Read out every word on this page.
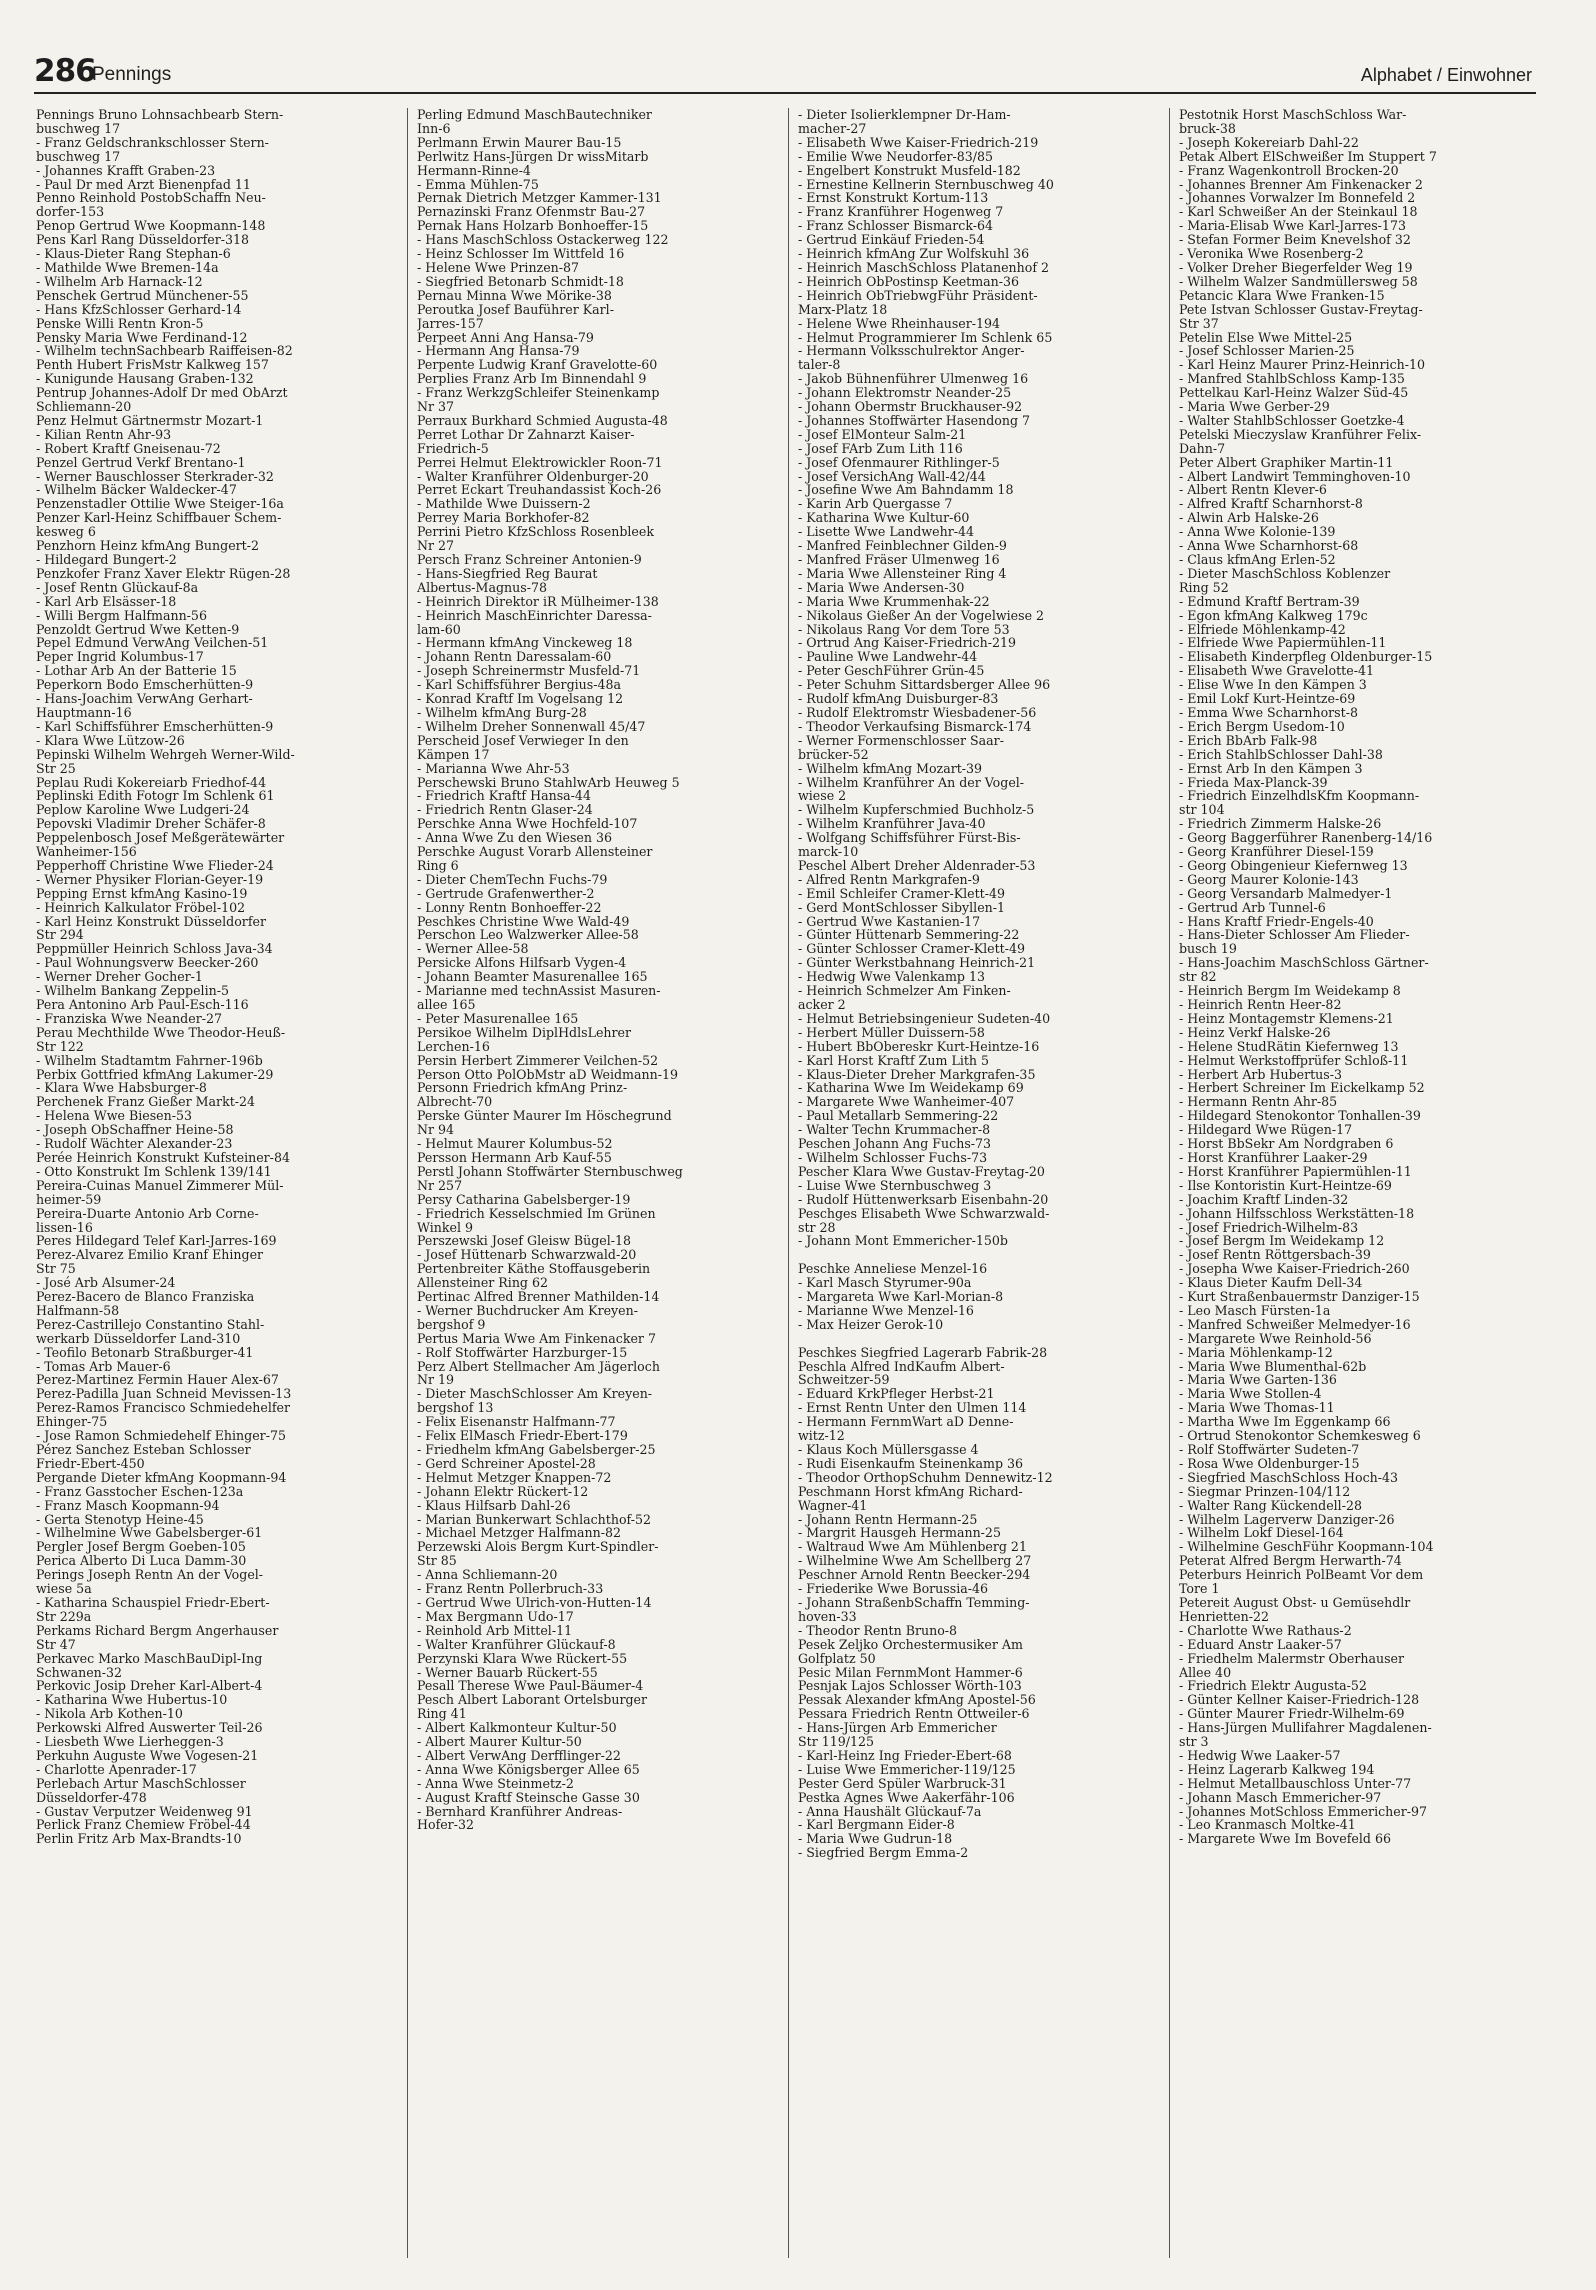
286
Pennings	Alphabet / Einwohner
Pennings Bruno Lohnsachbearb Stern-
buschweg 17
- Franz Geldschrankschlosser Stern-
buschweg 17
- Johannes Krafft Graben-23
- Paul Dr med Arzt Bienenpfad 11
Penno Reinhold PostobSchaffn Neu-
dorfer-153
Penop Gertrud Wwe Koopmann-148
Pens Karl Rang Düsseldorfer-318
- Klaus-Dieter Rang Stephan-6
- Mathilde Wwe Bremen-14a
- Wilhelm Arb Harnack-12
Penschek Gertrud Münchener-55
- Hans KfzSchlosser Gerhard-14
Penske Willi Rentn Kron-5
Pensky Maria Wwe Ferdinand-12
- Wilhelm technSachbearb Raiffeisen-82
Penth Hubert FrisMstr Kalkweg 157
- Kunigunde Hausang Graben-132
Pentrup Johannes-Adolf Dr med ObArzt
Schliemann-20
Penz Helmut Gärtnermstr Mozart-1
- Kilian Rentn Ahr-93
- Robert Kraftf Gneisenau-72
Penzel Gertrud Verkf Brentano-1
- Werner Bauschlosser Sterkrader-32
- Wilhelm Bäcker Waldecker-47
Penzenstadler Ottilie Wwe Steiger-16a
Penzer Karl-Heinz Schiffbauer Schem-
kesweg 6
Penzhorn Heinz kfmAng Bungert-2
- Hildegard Bungert-2
Penzkofer Franz Xaver Elektr Rügen-28
- Josef Rentn Glückauf-8a
- Karl Arb Elsässer-18
- Willi Bergm Halfmann-56
Penzoldt Gertrud Wwe Ketten-9
Pepel Edmund VerwAng Veilchen-51
Peper Ingrid Kolumbus-17
- Lothar Arb An der Batterie 15
Peperkorn Bodo Emscherhütten-9
- Hans-Joachim VerwAng Gerhart-
Hauptmann-16
- Karl Schiffsführer Emscherhütten-9
- Klara Wwe Lützow-26
Pepinski Wilhelm Wehrgeh Werner-Wild-
Str 25
Peplau Rudi Kokereiarb Friedhof-44
Peplinski Edith Fotogr Im Schlenk 61
Peplow Karoline Wwe Ludgeri-24
Pepovski Vladimir Dreher Schäfer-8
Peppelenbosch Josef Meßgerätewärter
Wanheimer-156
Pepperhoff Christine Wwe Flieder-24
- Werner Physiker Florian-Geyer-19
Pepping Ernst kfmAng Kasino-19
- Heinrich Kalkulator Fröbel-102
- Karl Heinz Konstrukt Düsseldorfer
Str 294
Peppmüller Heinrich Schloss Java-34
- Paul Wohnungsverw Beecker-260
- Werner Dreher Gocher-1
- Wilhelm Bankang Zeppelin-5
Pera Antonino Arb Paul-Esch-116
- Franziska Wwe Neander-27
Perau Mechthilde Wwe Theodor-Heuß-
Str 122
- Wilhelm Stadtamtm Fahrner-196b
Perbix Gottfried kfmAng Lakumer-29
- Klara Wwe Habsburger-8
Perchenek Franz Gießer Markt-24
- Helena Wwe Biesen-53
- Joseph ObSchaffner Heine-58
- Rudolf Wächter Alexander-23
Perée Heinrich Konstrukt Kufsteiner-84
- Otto Konstrukt Im Schlenk 139/141
Pereira-Cuinas Manuel Zimmerer Mül-
heimer-59
Pereira-Duarte Antonio Arb Corne-
lissen-16
Peres Hildegard Telef Karl-Jarres-169
Perez-Alvarez Emilio Kranf Ehinger
Str 75
- José Arb Alsumer-24
Perez-Bacero de Blanco Franziska
Halfmann-58
Perez-Castrillejo Constantino Stahl-
werkarb Düsseldorfer Land-310
- Teofilo Betonarb Straßburger-41
- Tomas Arb Mauer-6
Perez-Martinez Fermin Hauer Alex-67
Perez-Padilla Juan Schneid Mevissen-13
Perez-Ramos Francisco Schmiedehelfer
Ehinger-75
- Jose Ramon Schmiedehelf Ehinger-75
Pérez Sanchez Esteban Schlosser
Friedr-Ebert-450
Pergande Dieter kfmAng Koopmann-94
- Franz Gasstocher Eschen-123a
- Franz Masch Koopmann-94
- Gerta Stenotyp Heine-45
- Wilhelmine Wwe Gabelsberger-61
Pergler Josef Bergm Goeben-105
Perica Alberto Di Luca Damm-30
Perings Joseph Rentn An der Vogel-
wiese 5a
- Katharina Schauspiel Friedr-Ebert-
Str 229a
Perkams Richard Bergm Angerhauser
Str 47
Perkavec Marko MaschBauDipl-Ing
Schwanen-32
Perkovic Josip Dreher Karl-Albert-4
- Katharina Wwe Hubertus-10
- Nikola Arb Kothen-10
Perkowski Alfred Auswerter Teil-26
- Liesbeth Wwe Lierheggen-3
Perkuhn Auguste Wwe Vogesen-21
- Charlotte Apenrader-17
Perlebach Artur MaschSchlosser
Düsseldorfer-478
- Gustav Verputzer Weidenweg 91
Perlick Franz Chemiew Fröbel-44
Perlin Fritz Arb Max-Brandts-10
Perling Edmund MaschBautechniker
Inn-6
Perlmann Erwin Maurer Bau-15
Perlwitz Hans-Jürgen Dr wissMitarb
Hermann-Rinne-4
- Emma Mühlen-75
Pernak Dietrich Metzger Kammer-131
Pernazinski Franz Ofenmstr Bau-27
Pernak Hans Holzarb Bonhoeffer-15
- Hans MaschSchloss Ostackerweg 122
- Heinz Schlosser Im Wittfeld 16
- Helene Wwe Prinzen-87
- Siegfried Betonarb Schmidt-18
Pernau Minna Wwe Mörike-38
Peroutka Josef Bauführer Karl-
Jarres-157
Perpeet Anni Ang Hansa-79
- Hermann Ang Hansa-79
Perpente Ludwig Kranf Gravelotte-60
Perplies Franz Arb Im Binnendahl 9
- Franz WerkzgSchleifer Steinenkamp
Nr 37
Perraux Burkhard Schmied Augusta-48
Perret Lothar Dr Zahnarzt Kaiser-
Friedrich-5
Perrei Helmut Elektrowickler Roon-71
- Walter Kranführer Oldenburger-20
Perret Eckart Treuhandassist Koch-26
- Mathilde Wwe Duissern-2
Perrey Maria Borkhofer-82
Perrini Pietro KfzSchloss Rosenbleek
Nr 27
Persch Franz Schreiner Antonien-9
- Hans-Siegfried Reg Baurat
Albertus-Magnus-78
- Heinrich Direktor iR Mülheimer-138
- Heinrich MaschEinrichter Daressa-
lam-60
- Hermann kfmAng Vinckeweg 18
- Johann Rentn Daressalam-60
- Joseph Schreinermstr Musfeld-71
- Karl Schiffsführer Bergius-48a
- Konrad Kraftf Im Vogelsang 12
- Wilhelm kfmAng Burg-28
- Wilhelm Dreher Sonnenwall 45/47
Perscheid Josef Verwieger In den
Kämpen 17
- Marianna Wwe Ahr-53
Perschewski Bruno StahlwArb Heuweg 5
- Friedrich Kraftf Hansa-44
- Friedrich Rentn Glaser-24
Perschke Anna Wwe Hochfeld-107
- Anna Wwe Zu den Wiesen 36
Perschke August Vorarb Allensteiner
Ring 6
- Dieter ChemTechn Fuchs-79
- Gertrude Grafenwerther-2
- Lonny Rentn Bonhoeffer-22
Peschkes Christine Wwe Wald-49
Perschon Leo Walzwerker Allee-58
- Werner Allee-58
Persicke Alfons Hilfsarb Vygen-4
- Johann Beamter Masurenallee 165
- Marianne med technAssist Masuren-
allee 165
- Peter Masurenallee 165
Persikoe Wilhelm DiplHdlsLehrer
Lerchen-16
Persin Herbert Zimmerer Veilchen-52
Person Otto PolObMstr aD Weidmann-19
Personn Friedrich kfmAng Prinz-
Albrecht-70
Perske Günter Maurer Im Höschegrund
Nr 94
- Helmut Maurer Kolumbus-52
Persson Hermann Arb Kauf-55
Perstl Johann Stoffwärter Sternbuschweg
Nr 257
Persy Catharina Gabelsberger-19
- Friedrich Kesselschmied Im Grünen
Winkel 9
Perszewski Josef Gleisw Bügel-18
- Josef Hüttenarb Schwarzwald-20
Pertenbreiter Käthe Stoffausgeberin
Allensteiner Ring 62
Pertinac Alfred Brenner Mathilden-14
- Werner Buchdrucker Am Kreyen-
bergshof 9
Pertus Maria Wwe Am Finkenacker 7
- Rolf Stoffwärter Harzburger-15
Perz Albert Stellmacher Am Jägerloch
Nr 19
- Dieter MaschSchlosser Am Kreyen-
bergshof 13
- Felix Eisenanstr Halfmann-77
- Felix ElMasch Friedr-Ebert-179
- Friedhelm kfmAng Gabelsberger-25
- Gerd Schreiner Apostel-28
- Helmut Metzger Knappen-72
- Johann Elektr Rückert-12
- Klaus Hilfsarb Dahl-26
- Marian Bunkerwart Schlachthof-52
- Michael Metzger Halfmann-82
Perzewski Alois Bergm Kurt-Spindler-
Str 85
- Anna Schliemann-20
- Franz Rentn Pollerbruch-33
- Gertrud Wwe Ulrich-von-Hutten-14
- Max Bergmann Udo-17
- Reinhold Arb Mittel-11
- Walter Kranführer Glückauf-8
Perzynski Klara Wwe Rückert-55
- Werner Bauarb Rückert-55
Pesall Therese Wwe Paul-Bäumer-4
Pesch Albert Laborant Ortelsburger
Ring 41
- Albert Kalkmonteur Kultur-50
- Albert Maurer Kultur-50
- Albert VerwAng Derfflinger-22
- Anna Wwe Königsberger Allee 65
- Anna Wwe Steinmetz-2
- August Kraftf Steinsche Gasse 30
- Bernhard Kranführer Andreas-
Hofer-32
- Dieter Isolierklempner Dr-Ham-
macher-27
- Elisabeth Wwe Kaiser-Friedrich-219
- Emilie Wwe Neudorfer-83/85
- Engelbert Konstrukt Musfeld-182
- Ernestine Kellnerin Sternbuschweg 40
- Ernst Konstrukt Kortum-113
- Franz Kranführer Hogenweg 7
- Franz Schlosser Bismarck-64
- Gertrud Einkäuf Frieden-54
- Heinrich kfmAng Zur Wolfskuhl 36
- Heinrich MaschSchloss Platanenhof 2
- Heinrich ObPostinsp Keetman-36
- Heinrich ObTriebwgFühr Präsident-
Marx-Platz 18
- Helene Wwe Rheinhauser-194
- Helmut Programmierer Im Schlenk 65
- Hermann Volksschulrektor Anger-
taler-8
- Jakob Bühnenführer Ulmenweg 16
- Johann Elektromstr Neander-25
- Johann Obermstr Bruckhauser-92
- Johannes Stoffwärter Hasendong 7
- Josef ElMonteur Salm-21
- Josef FArb Zum Lith 116
- Josef Ofenmaurer Rithlinger-5
- Josef VersichAng Wall-42/44
- Josefine Wwe Am Bahndamm 18
- Karin Arb Quergasse 7
- Katharina Wwe Kultur-60
- Lisette Wwe Landwehr-44
- Manfred Feinblechner Gilden-9
- Manfred Fräser Ulmenweg 16
- Maria Wwe Allensteiner Ring 4
- Maria Wwe Andersen-30
- Maria Wwe Krummenhak-22
- Nikolaus Gießer An der Vogelwiese 2
- Nikolaus Rang Vor dem Tore 53
- Ortrud Ang Kaiser-Friedrich-219
- Pauline Wwe Landwehr-44
- Peter GeschFührer Grün-45
- Peter Schuhm Sittardsberger Allee 96
- Rudolf kfmAng Duisburger-83
- Rudolf Elektromstr Wiesbadener-56
- Theodor Verkaufsing Bismarck-174
- Werner Formenschlosser Saar-
brücker-52
- Wilhelm kfmAng Mozart-39
- Wilhelm Kranführer An der Vogel-
wiese 2
- Wilhelm Kupferschmied Buchholz-5
- Wilhelm Kranführer Java-40
- Wolfgang Schiffsführer Fürst-Bis-
marck-10
Peschel Albert Dreher Aldenrader-53
- Alfred Rentn Markgrafen-9
- Emil Schleifer Cramer-Klett-49
- Gerd MontSchlosser Sibyllen-1
- Gertrud Wwe Kastanien-17
- Günter Hüttenarb Semmering-22
- Günter Schlosser Cramer-Klett-49
- Günter Werkstbahnang Heinrich-21
- Hedwig Wwe Valenkamp 13
- Heinrich Schmelzer Am Finken-
acker 2
- Helmut Betriebsingenieur Sudeten-40
- Herbert Müller Duissern-58
- Hubert BbObereskr Kurt-Heintze-16
- Karl Horst Kraftf Zum Lith 5
- Klaus-Dieter Dreher Markgrafen-35
- Katharina Wwe Im Weidekamp 69
- Margarete Wwe Wanheimer-407
- Paul Metallarb Semmering-22
- Walter Techn Krummacher-8
Peschen Johann Ang Fuchs-73
- Wilhelm Schlosser Fuchs-73
Pescher Klara Wwe Gustav-Freytag-20
- Luise Wwe Sternbuschweg 3
- Rudolf Hüttenwerksarb Eisenbahn-20
Peschges Elisabeth Wwe Schwarzwald-
str 28
- Johann Mont Emmericher-150b

Peschke Anneliese Menzel-16
- Karl Masch Styrumer-90a
- Margareta Wwe Karl-Morian-8
- Marianne Wwe Menzel-16
- Max Heizer Gerok-10

Peschkes Siegfried Lagerarb Fabrik-28
Peschla Alfred IndKaufm Albert-
Schweitzer-59
- Eduard KrkPfleger Herbst-21
- Ernst Rentn Unter den Ulmen 114
- Hermann FernmWart aD Denne-
witz-12
- Klaus Koch Müllersgasse 4
- Rudi Eisenkaufm Steinenkamp 36
- Theodor OrthopSchuhm Dennewitz-12
Peschmann Horst kfmAng Richard-
Wagner-41
- Johann Rentn Hermann-25
- Margrit Hausgeh Hermann-25
- Waltraud Wwe Am Mühlenberg 21
- Wilhelmine Wwe Am Schellberg 27
Peschner Arnold Rentn Beecker-294
- Friederike Wwe Borussia-46
- Johann StraßenbSchaffn Temming-
hoven-33
- Theodor Rentn Bruno-8
Pesek Zeljko Orchestermusiker Am
Golfplatz 50
Pesic Milan FernmMont Hammer-6
Pesnjak Lajos Schlosser Wörth-103
Pessak Alexander kfmAng Apostel-56
Pessara Friedrich Rentn Ottweiler-6
- Hans-Jürgen Arb Emmericher
Str 119/125
- Karl-Heinz Ing Frieder-Ebert-68
- Luise Wwe Emmericher-119/125
Pester Gerd Spüler Warbruck-31
Pestka Agnes Wwe Aakerfähr-106
- Anna Haushält Glückauf-7a
- Karl Bergmann Eider-8
- Maria Wwe Gudrun-18
- Siegfried Bergm Emma-2
Pestotnik Horst MaschSchloss War-
bruck-38
- Joseph Kokereiarb Dahl-22
Petak Albert ElSchweißer Im Stuppert 7
- Franz Wagenkontroll Brocken-20
- Johannes Brenner Am Finkenacker 2
- Johannes Vorwalzer Im Bonnefeld 2
- Karl Schweißer An der Steinkaul 18
- Maria-Elisab Wwe Karl-Jarres-173
- Stefan Former Beim Knevelshof 32
- Veronika Wwe Rosenberg-2
- Volker Dreher Biegerfelder Weg 19
- Wilhelm Walzer Sandmüllersweg 58
Petancic Klara Wwe Franken-15
Pete Istvan Schlosser Gustav-Freytag-
Str 37
Petelin Else Wwe Mittel-25
- Josef Schlosser Marien-25
- Karl Heinz Maurer Prinz-Heinrich-10
- Manfred StahlbSchloss Kamp-135
Pettelkau Karl-Heinz Walzer Süd-45
- Maria Wwe Gerber-29
- Walter StahlbSchlosser Goetzke-4
Petelski Mieczyslaw Kranführer Felix-
Dahn-7
Peter Albert Graphiker Martin-11
- Albert Landwirt Temminghoven-10
- Albert Rentn Klever-6
- Alfred Kraftf Scharnhorst-8
- Alwin Arb Halske-26
- Anna Wwe Kolonie-139
- Anna Wwe Scharnhorst-68
- Claus kfmAng Erlen-52
- Dieter MaschSchloss Koblenzer
Ring 52
- Edmund Kraftf Bertram-39
- Egon kfmAng Kalkweg 179c
- Elfriede Möhlenkamp-42
- Elfriede Wwe Papiermühlen-11
- Elisabeth Kinderpfleg Oldenburger-15
- Elisabeth Wwe Gravelotte-41
- Elise Wwe In den Kämpen 3
- Emil Lokf Kurt-Heintze-69
- Emma Wwe Scharnhorst-8
- Erich Bergm Usedom-10
- Erich BbArb Falk-98
- Erich StahlbSchlosser Dahl-38
- Ernst Arb In den Kämpen 3
- Frieda Max-Planck-39
- Friedrich EinzelhdlsKfm Koopmann-
str 104
- Friedrich Zimmerm Halske-26
- Georg Baggerführer Ranenberg-14/16
- Georg Kranführer Diesel-159
- Georg Obingenieur Kiefernweg 13
- Georg Maurer Kolonie-143
- Georg Versandarb Malmedyer-1
- Gertrud Arb Tunnel-6
- Hans Kraftf Friedr-Engels-40
- Hans-Dieter Schlosser Am Flieder-
busch 19
- Hans-Joachim MaschSchloss Gärtner-
str 82
- Heinrich Bergm Im Weidekamp 8
- Heinrich Rentn Heer-82
- Heinz Montagemstr Klemens-21
- Heinz Verkf Halske-26
- Helene StudRätin Kiefernweg 13
- Helmut Werkstoffprüfer Schloß-11
- Herbert Arb Hubertus-3
- Herbert Schreiner Im Eickelkamp 52
- Hermann Rentn Ahr-85
- Hildegard Stenokontor Tonhallen-39
- Hildegard Wwe Rügen-17
- Horst BbSekr Am Nordgraben 6
- Horst Kranführer Laaker-29
- Horst Kranführer Papiermühlen-11
- Ilse Kontoristin Kurt-Heintze-69
- Joachim Kraftf Linden-32
- Johann Hilfsschloss Werkstätten-18
- Josef Friedrich-Wilhelm-83
- Josef Bergm Im Weidekamp 12
- Josef Rentn Röttgersbach-39
- Josepha Wwe Kaiser-Friedrich-260
- Klaus Dieter Kaufm Dell-34
- Kurt Straßenbauermstr Danziger-15
- Leo Masch Fürsten-1a
- Manfred Schweißer Melmedyer-16
- Margarete Wwe Reinhold-56
- Maria Möhlenkamp-12
- Maria Wwe Blumenthal-62b
- Maria Wwe Garten-136
- Maria Wwe Stollen-4
- Maria Wwe Thomas-11
- Martha Wwe Im Eggenkamp 66
- Ortrud Stenokontor Schemkesweg 6
- Rolf Stoffwärter Sudeten-7
- Rosa Wwe Oldenburger-15
- Siegfried MaschSchloss Hoch-43
- Siegmar Prinzen-104/112
- Walter Rang Kückendell-28
- Wilhelm Lagerverw Danziger-26
- Wilhelm Lokf Diesel-164
- Wilhelmine GeschFühr Koopmann-104
Peterat Alfred Bergm Herwarth-74
Peterburs Heinrich PolBeamt Vor dem
Tore 1
Petereit August Obst- u Gemüsehdlr
Henrietten-22
- Charlotte Wwe Rathaus-2
- Eduard Anstr Laaker-57
- Friedhelm Malermstr Oberhauser
Allee 40
- Friedrich Elektr Augusta-52
- Günter Kellner Kaiser-Friedrich-128
- Günter Maurer Friedr-Wilhelm-69
- Hans-Jürgen Mullifahrer Magdalenen-
str 3
- Hedwig Wwe Laaker-57
- Heinz Lagerarb Kalkweg 194
- Helmut Metallbauschloss Unter-77
- Johann Masch Emmericher-97
- Johannes MotSchloss Emmericher-97
- Leo Kranmasch Moltke-41
- Margarete Wwe Im Bovefeld 66
